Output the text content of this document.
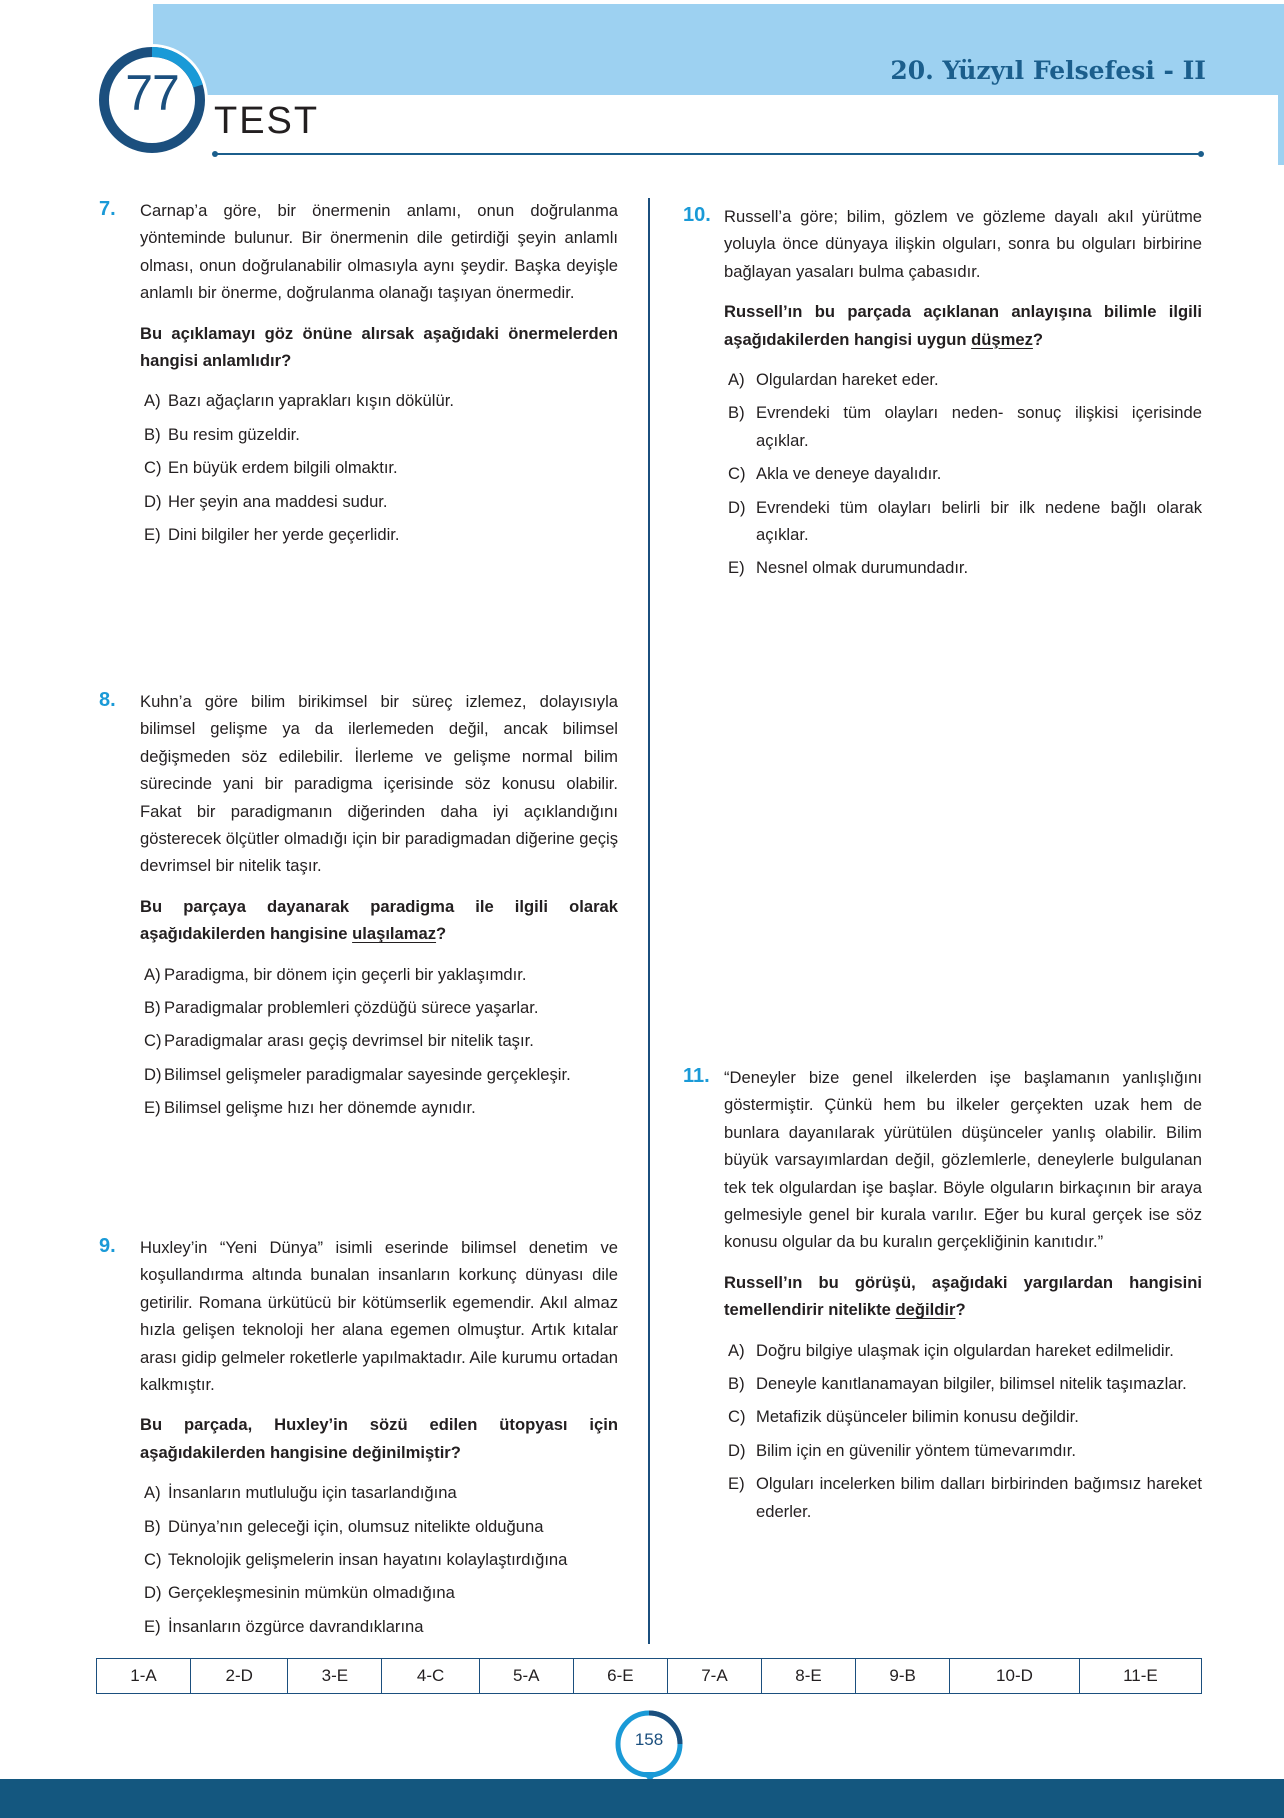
77 TEST
20. Yüzyıl Felsefesi - II
7. Carnap’a göre, bir önermenin anlamı, onun doğrulanma yönteminde bulunur. Bir önermenin dile getirdiği şeyin anlamlı olması, onun doğrulanabilir olmasıyla aynı şeydir. Başka deyişle anlamlı bir önerme, doğrulanma olanağı taşıyan önermedir.

Bu açıklamayı göz önüne alırsak aşağıdaki önermelerden hangisi anlamlıdır?

A) Bazı ağaçların yaprakları kışın dökülür.
B) Bu resim güzeldir.
C) En büyük erdem bilgili olmaktır.
D) Her şeyin ana maddesi sudur.
E) Dini bilgiler her yerde geçerlidir.
8. Kuhn’a göre bilim birikimsel bir süreç izlemez, dolayısıyla bilimsel gelişme ya da ilerlemeden değil, ancak bilimsel değişmeden söz edilebilir. İlerleme ve gelişme normal bilim sürecinde yani bir paradigma içerisinde söz konusu olabilir. Fakat bir paradigmanın diğerinden daha iyi açıklandığını gösterecek ölçütler olmadığı için bir paradigmadan diğerine geçiş devrimsel bir nitelik taşır.

Bu parçaya dayanarak paradigma ile ilgili olarak aşağıdakilerden hangisine ulaşılamaz?

A) Paradigma, bir dönem için geçerli bir yaklaşımdır.
B) Paradigmalar problemleri çözdüğü sürece yaşarlar.
C) Paradigmalar arası geçiş devrimsel bir nitelik taşır.
D) Bilimsel gelişmeler paradigmalar sayesinde gerçekleşir.
E) Bilimsel gelişme hızı her dönemde aynıdır.
9. Huxley’in “Yeni Dünya” isimli eserinde bilimsel denetim ve koşullandırma altında bunalan insanların korkunç dünyası dile getirilir. Romana ürkütücü bir kötümserlik egemendir. Akıl almaz hızla gelişen teknoloji her alana egemen olmuştur. Artık kıtalar arası gidip gelmeler roketlerle yapılmaktadır. Aile kurumu ortadan kalkmıştır.

Bu parçada, Huxley’in sözü edilen ütopyası için aşağıdakilerden hangisine değinilmiştir?

A) İnsanların mutluluğu için tasarlandığına
B) Dünya’nın geleceği için, olumsuz nitelikte olduğuna
C) Teknolojik gelişmelerin insan hayatını kolaylaştırdığına
D) Gerçekleşmesinin mümkün olmadığına
E) İnsanların özgürce davrandıklarına
10. Russell’a göre; bilim, gözlem ve gözleme dayalı akıl yürütme yoluyla önce dünyaya ilişkin olguları, sonra bu olguları birbirine bağlayan yasaları bulma çabasıdır.

Russell’ın bu parçada açıklanan anlayışına bilimle ilgili aşağıdakilerden hangisi uygun düşmez?

A) Olgulardan hareket eder.
B) Evrendeki tüm olayları neden- sonuç ilişkisi içerisinde açıklar.
C) Akla ve deneye dayalıdır.
D) Evrendeki tüm olayları belirli bir ilk nedene bağlı olarak açıklar.
E) Nesnel olmak durumundadır.
11. “Deneyler bize genel ilkelerden işe başlamanın yanlışlığını göstermiştir. Çünkü hem bu ilkeler gerçekten uzak hem de bunlara dayanılarak yürütülen düşünceler yanlış olabilir. Bilim büyük varsayımlardan değil, gözlemlerle, deneylerle bulgulanan tek tek olgulardan işe başlar. Böyle olguların birkaçının bir araya gelmesiyle genel bir kurala varılır. Eğer bu kural gerçek ise söz konusu olgular da bu kuralın gerçekliğinin kanıtıdır.”

Russell’ın bu görüşü, aşağıdaki yargılardan hangisini temellendirir nitelikte değildir?

A) Doğru bilgiye ulaşmak için olgulardan hareket edilmelidir.
B) Deneyle kanıtlanamayan bilgiler, bilimsel nitelik taşımazlar.
C) Metafizik düşünceler bilimin konusu değildir.
D) Bilim için en güvenilir yöntem tümevarımdır.
E) Olguları incelerken bilim dalları birbirinden bağımsız hareket ederler.
1-A	2-D	3-E	4-C	5-A	6-E	7-A	8-E	9-B	10-D	11-E
158
